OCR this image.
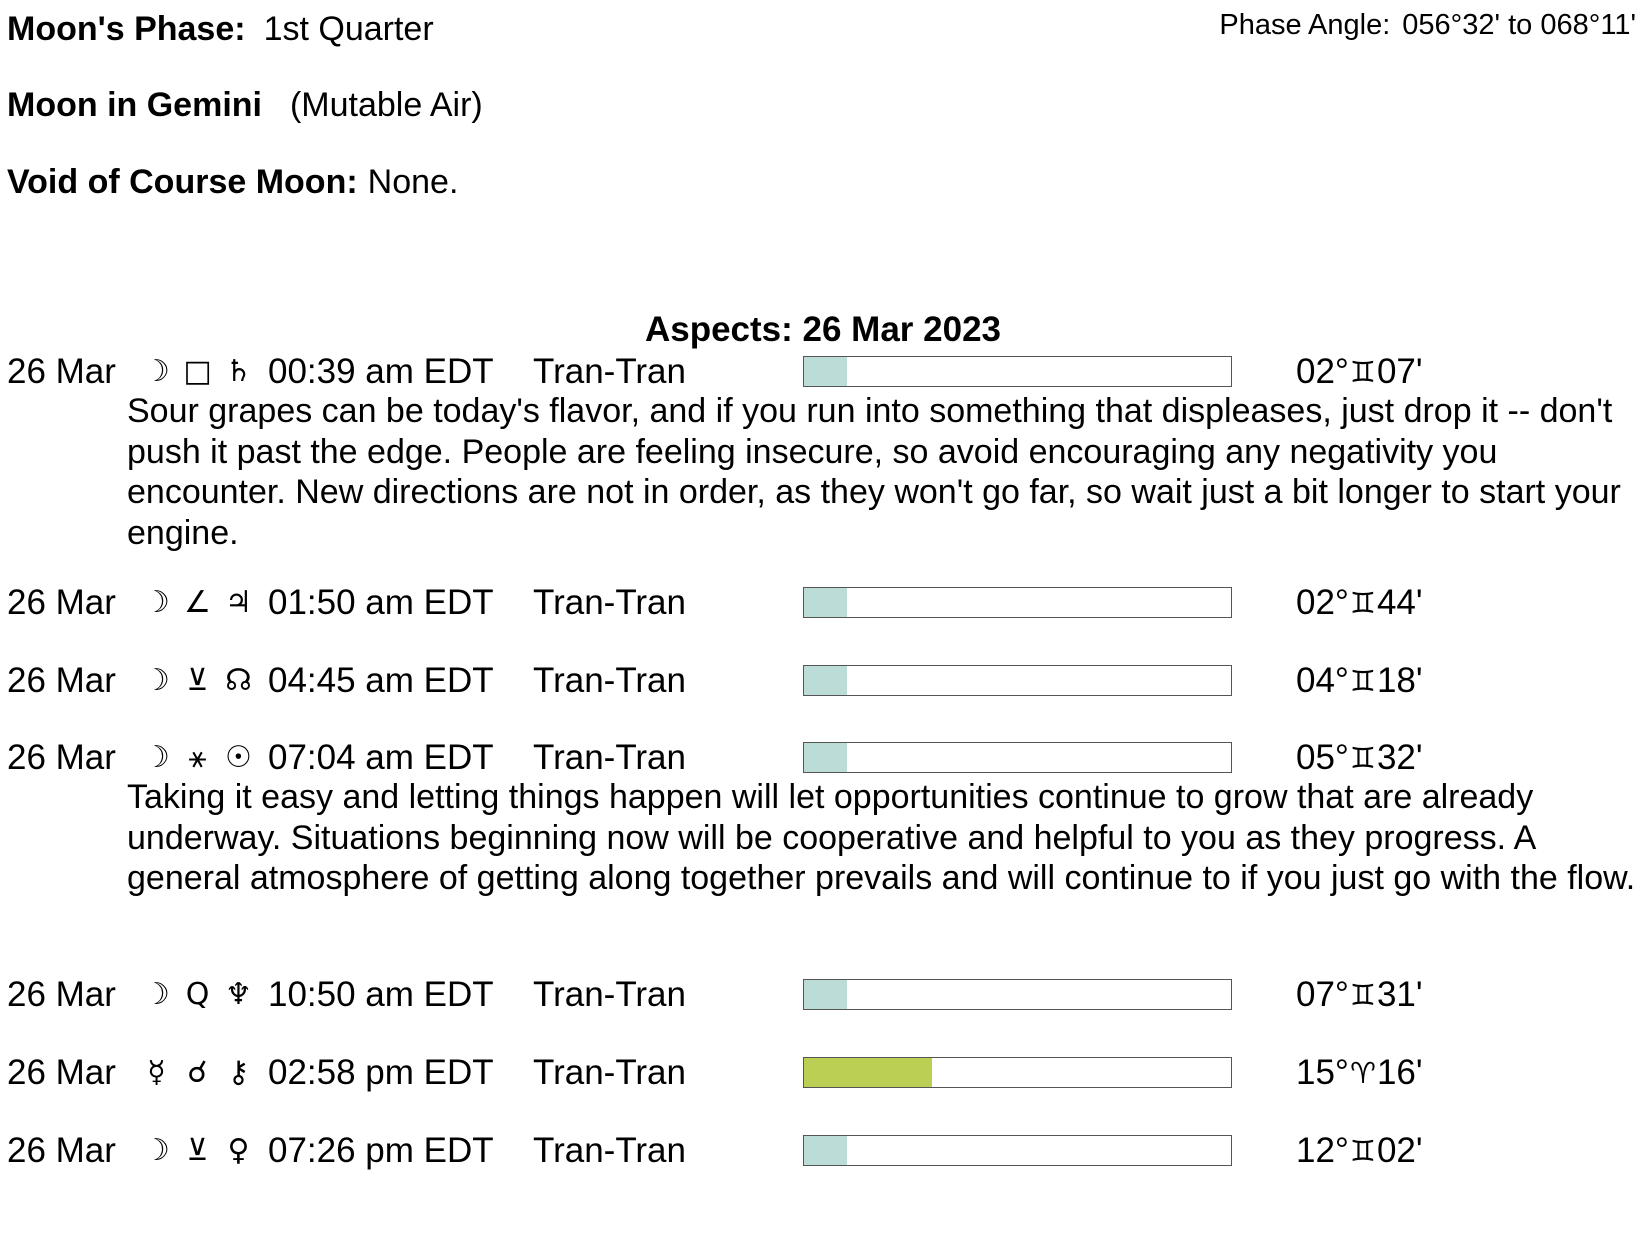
Moon's Phase: 1st Quarter	Phase Angle: 056°32' to 068°11'
Moon in Gemini (Mutable Air)
Void of Course Moon: None.
Aspects: 26 Mar 2023
26 Mar ☽ □ ♄ 00:39 am EDT Tran-Tran	02° ♊ 07'
Sour grapes can be today's flavor, and if you run into something that displeases, just drop it -- don't push it past the edge. People are feeling insecure, so avoid encouraging any negativity you encounter. New directions are not in order, as they won't go far, so wait just a bit longer to start your engine.
26 Mar ☽ ∠ ♃ 01:50 am EDT Tran-Tran	02° ♊ 44'
26 Mar ☽ ⊻ ☊ 04:45 am EDT Tran-Tran	04° ♊ 18'
26 Mar ☽ ⚹ ☉ 07:04 am EDT Tran-Tran	05° ♊ 32'
Taking it easy and letting things happen will let opportunities continue to grow that are already underway. Situations beginning now will be cooperative and helpful to you as they progress. A general atmosphere of getting along together prevails and will continue to if you just go with the flow.
26 Mar ☽ Q ♆ 10:50 am EDT Tran-Tran	07° ♊ 31'
26 Mar	☿ ☌ ⚷ 02:58 pm EDT Tran-Tran	15° ♈ 16'
26 Mar ☽ ⊻ ♀ 07:26 pm EDT Tran-Tran	12° ♊ 02'
